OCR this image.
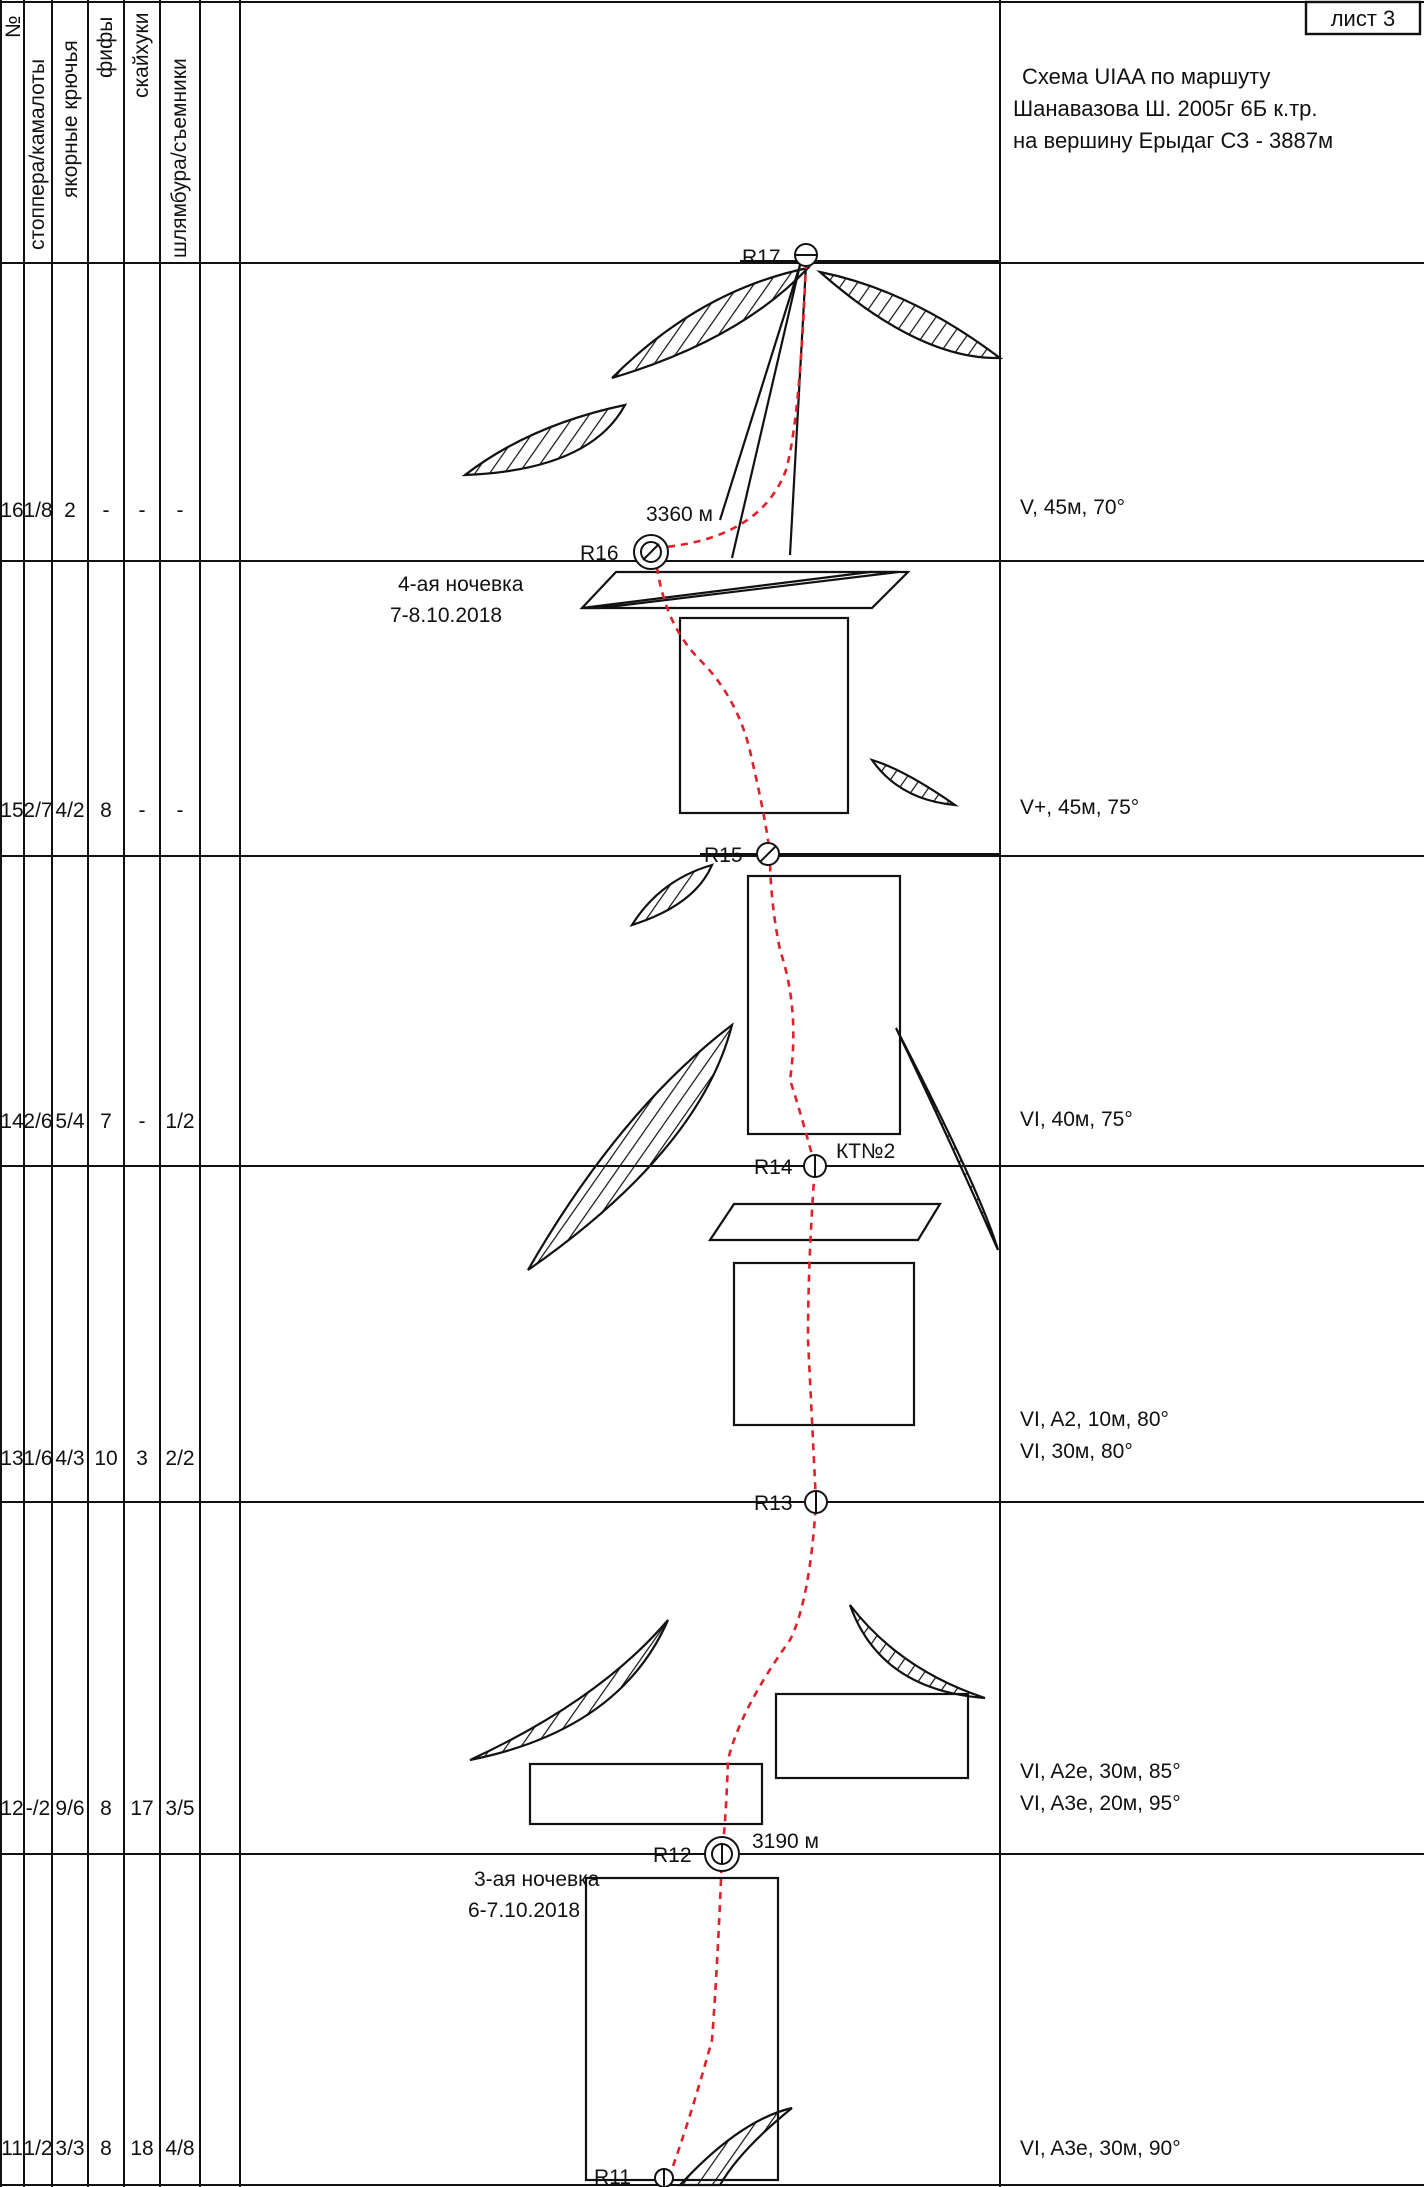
лист 3
Схема UIAA по маршуту
Шанавазова Ш. 2005г 6Б к.тр.
на вершину Ерыдаг СЗ - 3887м
№
стоппера/камалоты якорные крючья фифы скайхуки
шлямбура/съемники
16 1/8 2 - - -
15 2/7 4/2 8 - -
14 2/6 5/4 7 - 1/2
13 1/6 4/3 10 3 2/2
12 -/2 9/6 8 17 3/5
11 1/2 3/3 8 18 4/8
V, 45м, 70°
V+, 45м, 75°
VI, 40м, 75°
VI, A2, 10м, 80°
VI, 30м, 80°
VI, A2e, 30м, 85°
VI, A3e, 20м, 95°
VI, A3e, 30м, 90°
R17
R16
R15
R14
R13
R12
R11
3360 м
3190 м
4-ая ночевка
7-8.10.2018
3-ая ночевка
6-7.10.2018
КТ№2
